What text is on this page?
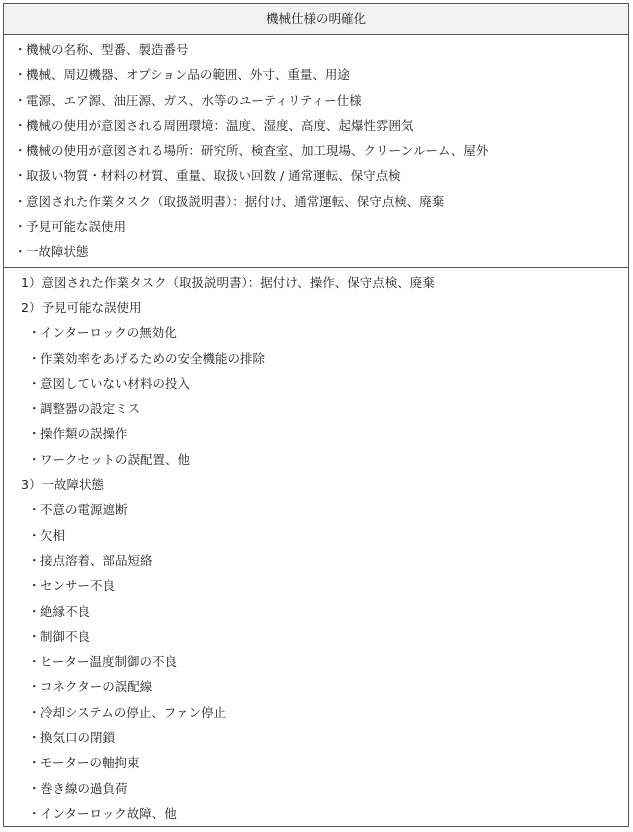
機械仕様の明確化
・機械の名称、型番、製造番号
・機械、周辺機器、オプション品の範囲、外寸、重量、用途
・電源、エア源、油圧源、ガス、水等のユーティリティー仕様
・機械の使用が意図される周囲環境：温度、湿度、高度、起爆性雰囲気
・機械の使用が意図される場所：研究所、検査室、加工現場、クリーンルーム、屋外
・取扱い物質・材料の材質、重量、取扱い回数 / 通常運転、保守点検
・意図された作業タスク（取扱説明書）：据付け、通常運転、保守点検、廃棄
・予見可能な誤使用
・一故障状態
1）意図された作業タスク（取扱説明書）：据付け、操作、保守点検、廃棄
2）予見可能な誤使用
・インターロックの無効化
・作業効率をあげるための安全機能の排除
・意図していない材料の投入
・調整器の設定ミス
・操作類の誤操作
・ワークセットの誤配置、他
3）一故障状態
・不意の電源遮断
・欠相
・接点溶着、部品短絡
・センサー不良
・絶縁不良
・制御不良
・ヒーター温度制御の不良
・コネクターの誤配線
・冷却システムの停止、ファン停止
・換気口の閉鎖
・モーターの軸拘束
・巻き線の過負荷
・インターロック故障、他
